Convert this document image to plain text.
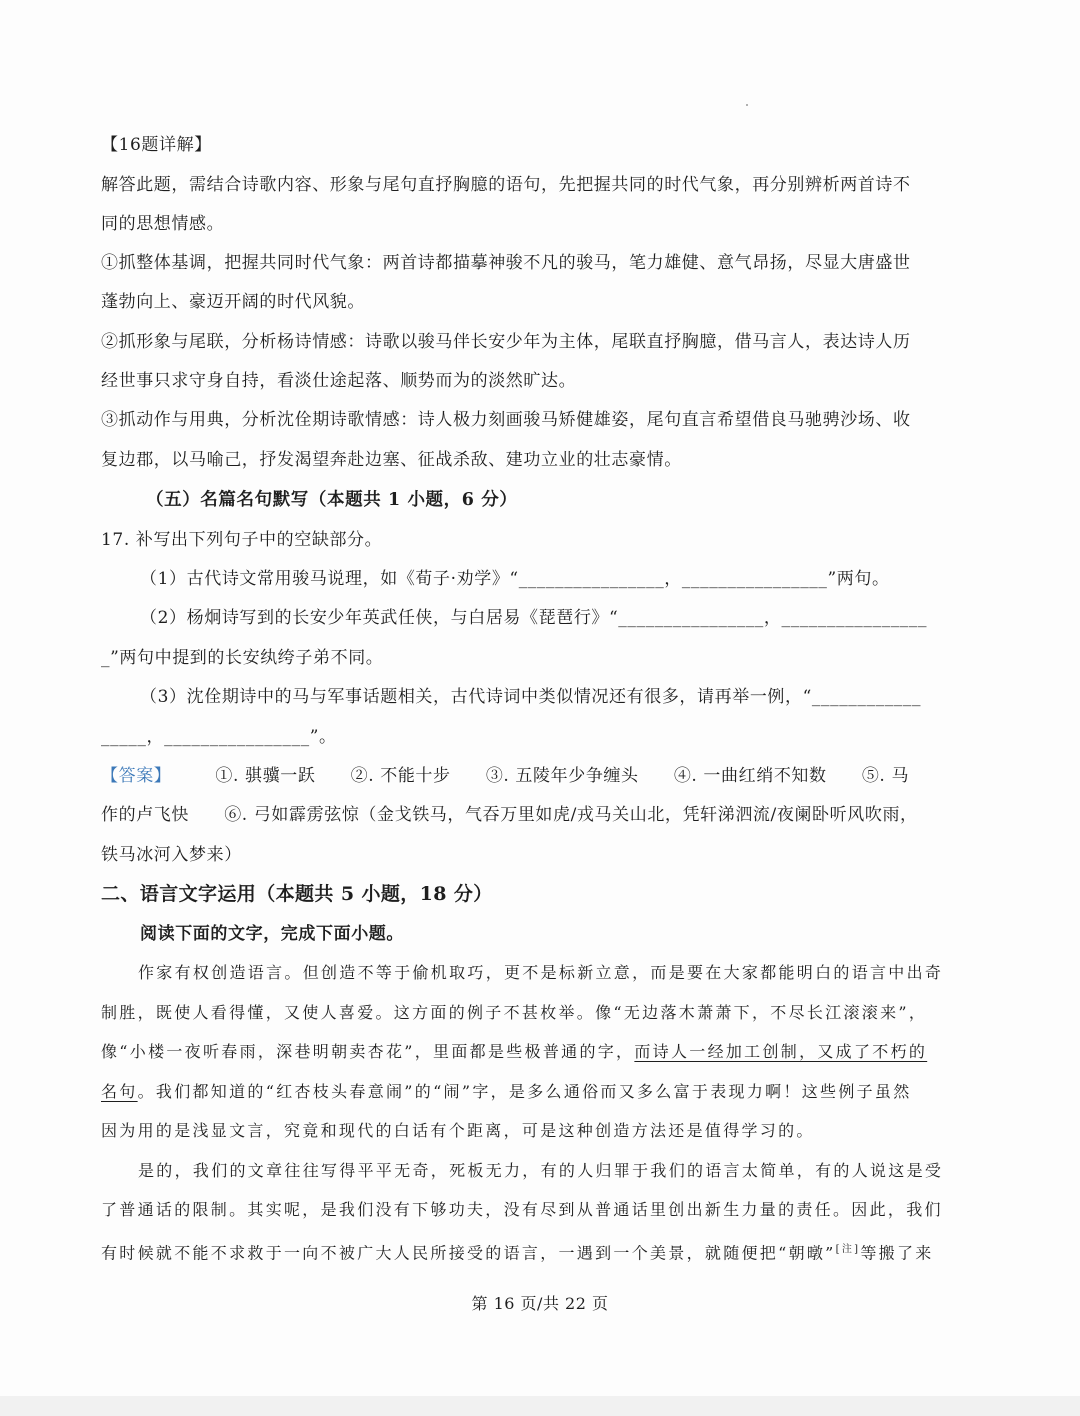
【16题详解】
解答此题，需结合诗歌内容、形象与尾句直抒胸臆的语句，先把握共同的时代气象，再分别辨析两首诗不
同的思想情感。
①抓整体基调，把握共同时代气象：两首诗都描摹神骏不凡的骏马，笔力雄健、意气昂扬，尽显大唐盛世
蓬勃向上、豪迈开阔的时代风貌。
②抓形象与尾联，分析杨诗情感：诗歌以骏马伴长安少年为主体，尾联直抒胸臆，借马言人，表达诗人历
经世事只求守身自持，看淡仕途起落、顺势而为的淡然旷达。
③抓动作与用典，分析沈佺期诗歌情感：诗人极力刻画骏马矫健雄姿，尾句直言希望借良马驰骋沙场、收
复边郡，以马喻己，抒发渴望奔赴边塞、征战杀敌、建功立业的壮志豪情。
（五）名篇名句默写（本题共 1 小题，6 分）
17. 补写出下列句子中的空缺部分。
（1）古代诗文常用骏马说理，如《荀子·劝学》“________________，________________”两句。
（2）杨炯诗写到的长安少年英武任侠，与白居易《琵琶行》“________________，________________
_”两句中提到的长安纨绔子弟不同。
（3）沈佺期诗中的马与军事话题相关，古代诗词中类似情况还有很多，请再举一例，“____________
_____，________________”。
【答案】	①. 骐骥一跃　　②. 不能十步　　③. 五陵年少争缠头　　④. 一曲红绡不知数　　⑤. 马
作的卢飞快　　⑥. 弓如霹雳弦惊（金戈铁马，气吞万里如虎/戎马关山北，凭轩涕泗流/夜阑卧听风吹雨，
铁马冰河入梦来）
二、语言文字运用（本题共 5 小题，18 分）
阅读下面的文字，完成下面小题。
作家有权创造语言。但创造不等于偷机取巧，更不是标新立意，而是要在大家都能明白的语言中出奇
制胜，既使人看得懂，又使人喜爱。这方面的例子不甚枚举。像“无边落木萧萧下，不尽长江滚滚来”，
像“小楼一夜听春雨，深巷明朝卖杏花”，里面都是些极普通的字，而诗人一经加工创制，又成了不朽的
名句。我们都知道的“红杏枝头春意闹”的“闹”字，是多么通俗而又多么富于表现力啊！这些例子虽然
因为用的是浅显文言，究竟和现代的白话有个距离，可是这种创造方法还是值得学习的。
是的，我们的文章往往写得平平无奇，死板无力，有的人归罪于我们的语言太简单，有的人说这是受
了普通话的限制。其实呢，是我们没有下够功夫，没有尽到从普通话里创出新生力量的责任。因此，我们
有时候就不能不求救于一向不被广大人民所接受的语言，一遇到一个美景，就随便把“朝暾”[注]等搬了来
第 16 页/共 22 页
